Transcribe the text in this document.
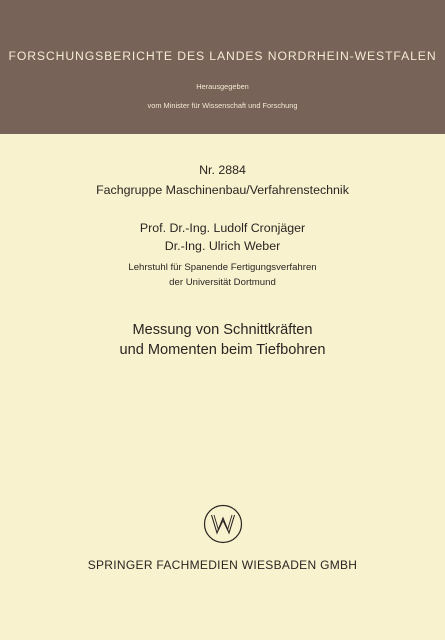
FORSCHUNGSBERICHTE DES LANDES NORDRHEIN-WESTFALEN
Herausgegeben
vom Minister für Wissenschaft und Forschung
Nr. 2884
Fachgruppe Maschinenbau/Verfahrenstechnik
Prof. Dr.-Ing. Ludolf Cronjäger
Dr.-Ing. Ulrich Weber
Lehrstuhl für Spanende Fertigungsverfahren
der Universität Dortmund
Messung von Schnittkräften
und Momenten beim Tiefbohren
SPRINGER FACHMEDIEN WIESBADEN GMBH
